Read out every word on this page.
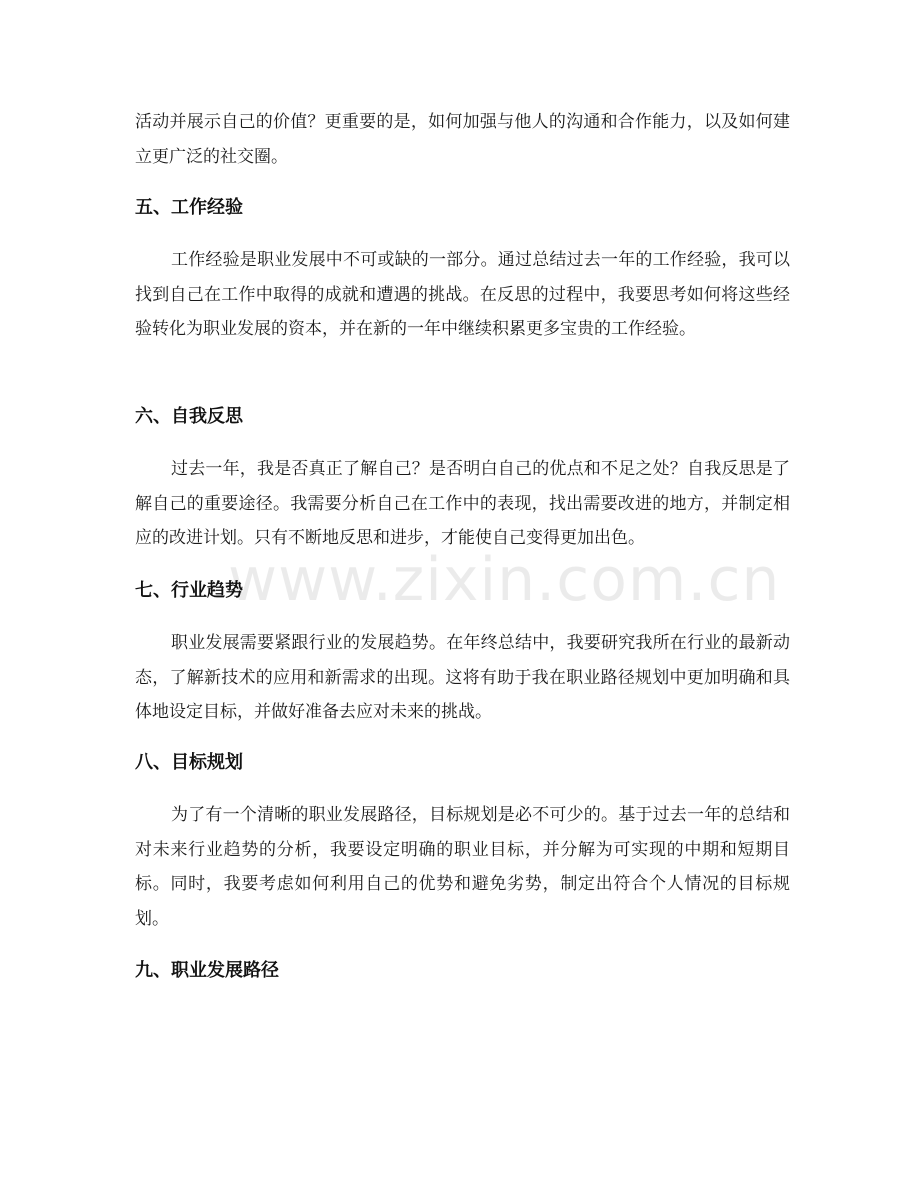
活动并展示自己的价值？更重要的是，如何加强与他人的沟通和合作能力，以及如何建立更广泛的社交圈。

五、工作经验

工作经验是职业发展中不可或缺的一部分。通过总结过去一年的工作经验，我可以找到自己在工作中取得的成就和遭遇的挑战。在反思的过程中，我要思考如何将这些经验转化为职业发展的资本，并在新的一年中继续积累更多宝贵的工作经验。

六、自我反思

过去一年，我是否真正了解自己？是否明白自己的优点和不足之处？自我反思是了解自己的重要途径。我需要分析自己在工作中的表现，找出需要改进的地方，并制定相应的改进计划。只有不断地反思和进步，才能使自己变得更加出色。

七、行业趋势

职业发展需要紧跟行业的发展趋势。在年终总结中，我要研究我所在行业的最新动态，了解新技术的应用和新需求的出现。这将有助于我在职业路径规划中更加明确和具体地设定目标，并做好准备去应对未来的挑战。

八、目标规划

为了有一个清晰的职业发展路径，目标规划是必不可少的。基于过去一年的总结和对未来行业趋势的分析，我要设定明确的职业目标，并分解为可实现的中期和短期目标。同时，我要考虑如何利用自己的优势和避免劣势，制定出符合个人情况的目标规划。

九、职业发展路径
www.zixin.com.cn
